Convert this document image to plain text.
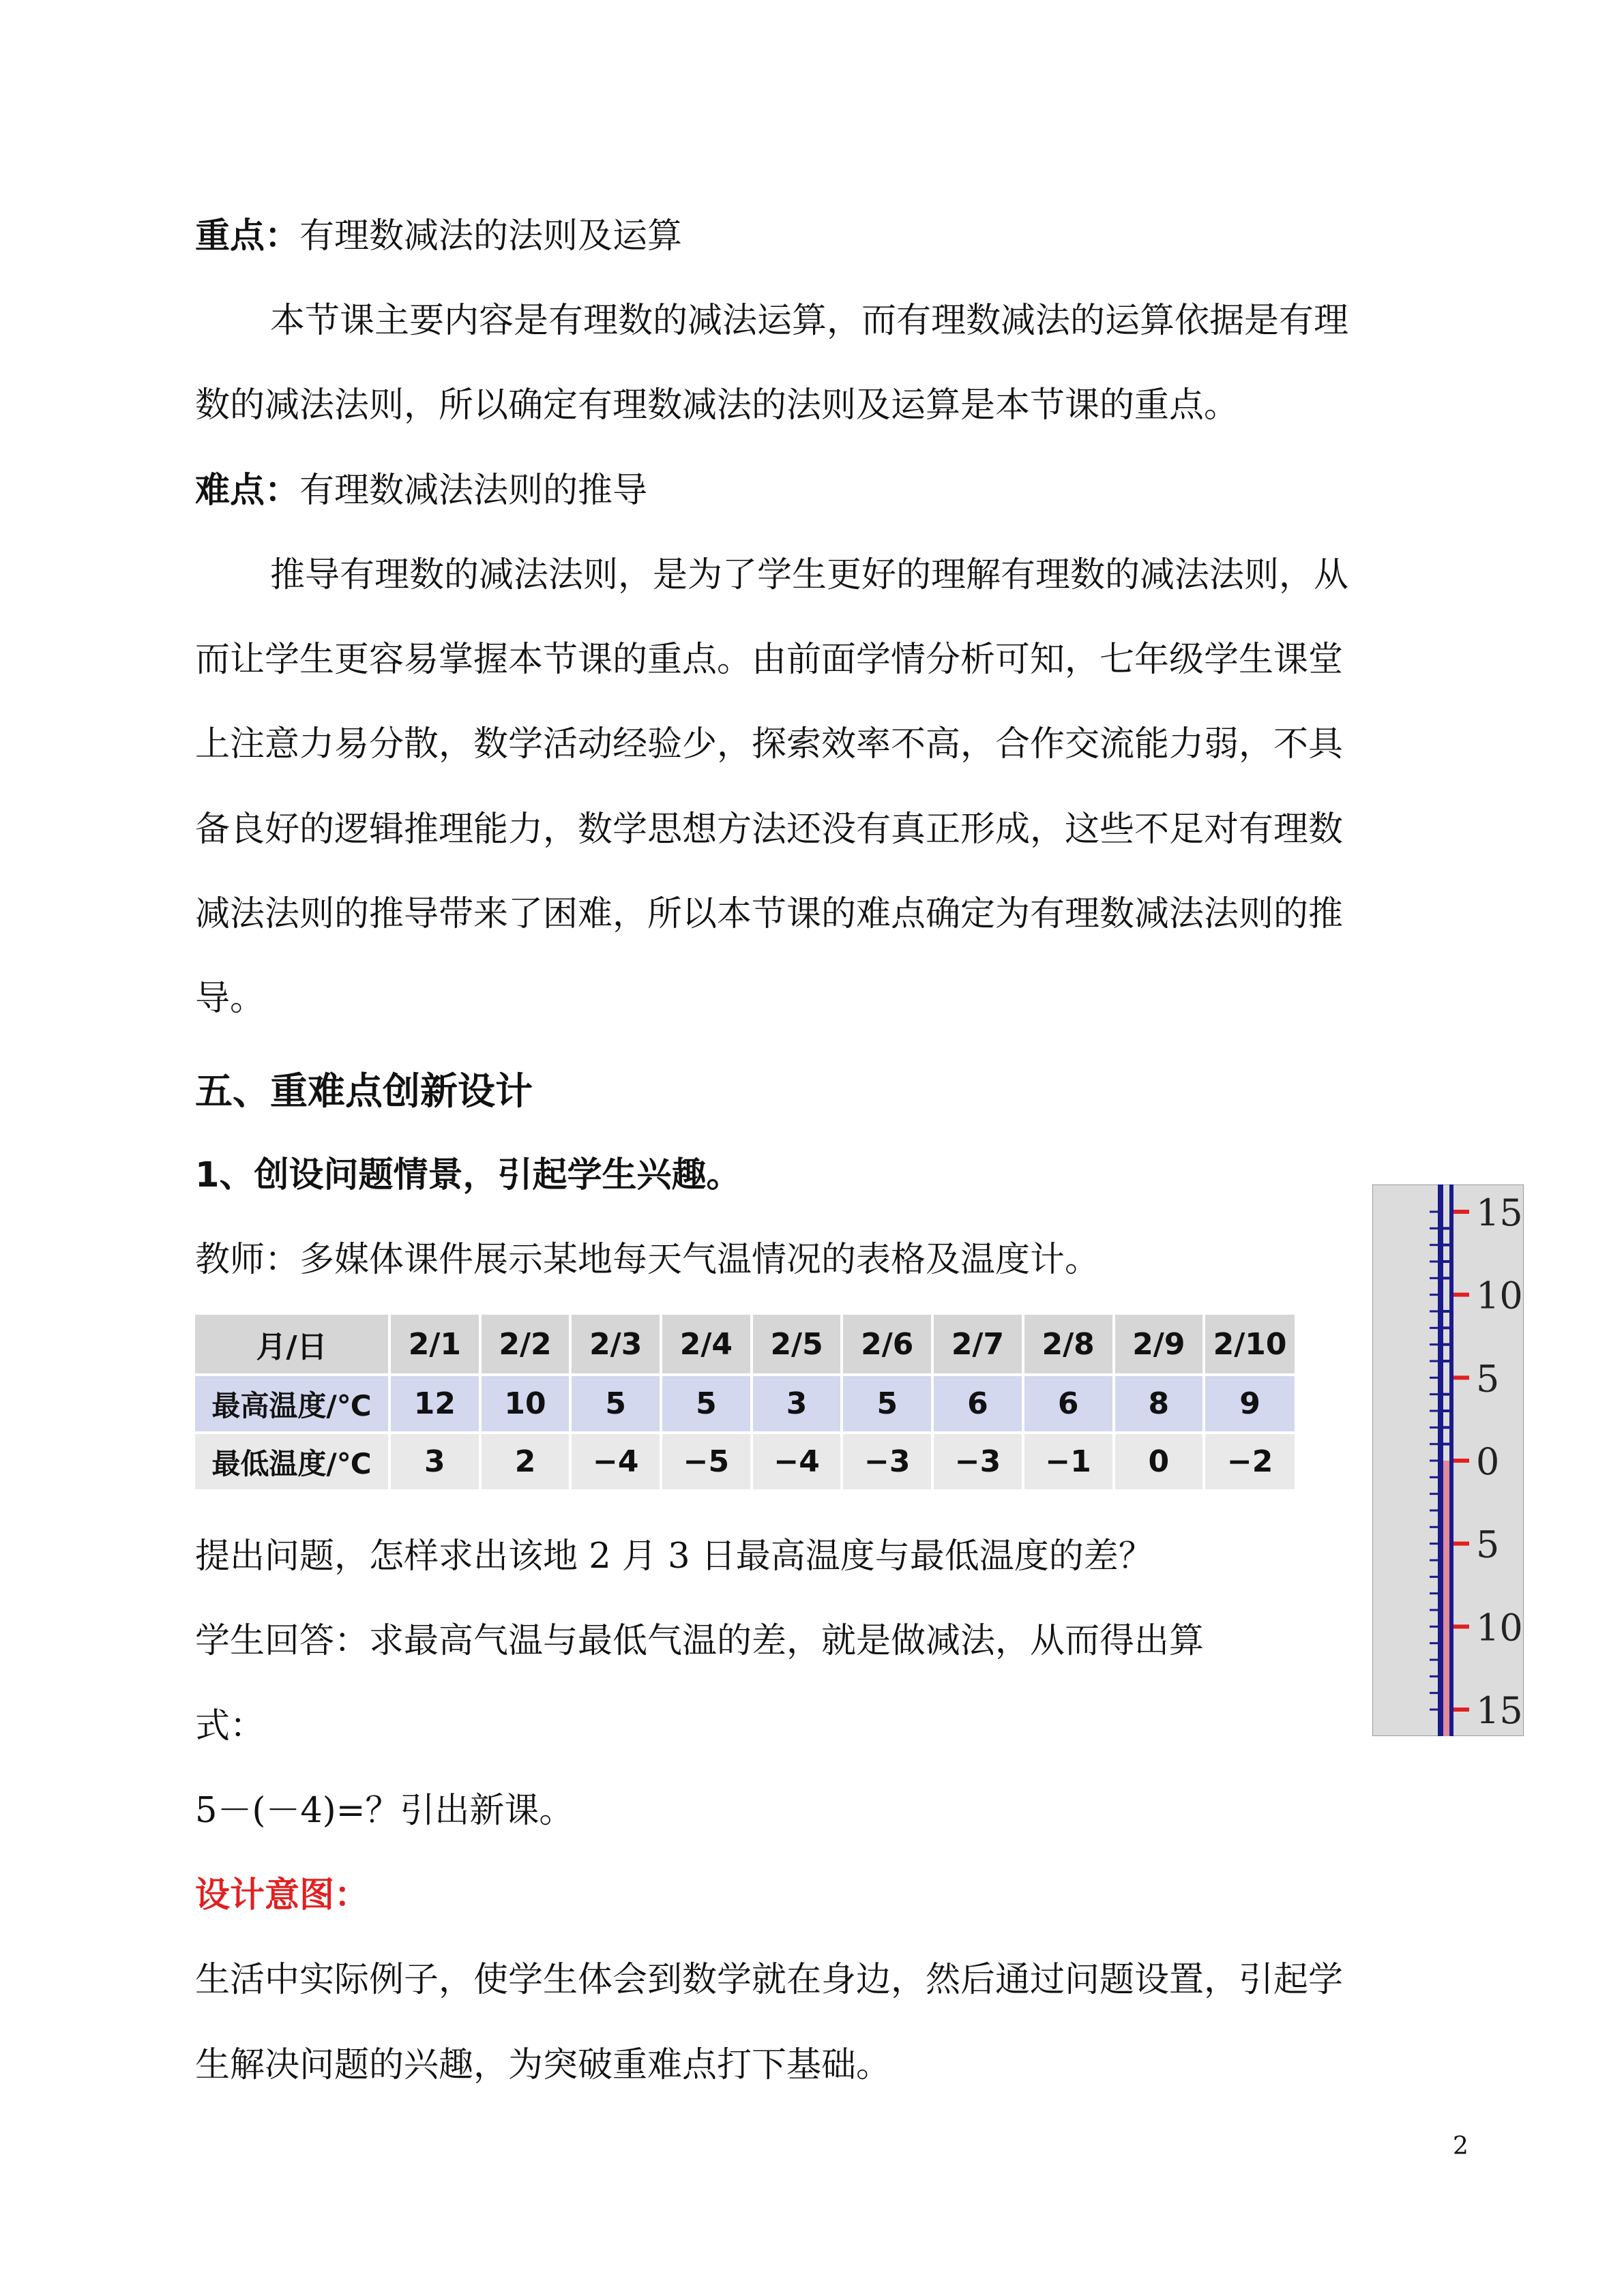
重点：有理数减法的法则及运算

本节课主要内容是有理数的减法运算，而有理数减法的运算依据是有理

数的减法法则，所以确定有理数减法的法则及运算是本节课的重点。

难点：有理数减法法则的推导

推导有理数的减法法则，是为了学生更好的理解有理数的减法法则，从

而让学生更容易掌握本节课的重点。由前面学情分析可知，七年级学生课堂

上注意力易分散，数学活动经验少，探索效率不高，合作交流能力弱，不具

备良好的逻辑推理能力，数学思想方法还没有真正形成，这些不足对有理数

减法法则的推导带来了困难，所以本节课的难点确定为有理数减法法则的推

导。

五、重难点创新设计

1、创设问题情景，引起学生兴趣。

教师：多媒体课件展示某地每天气温情况的表格及温度计。

月/日	2/1	2/2	2/3	2/4	2/5	2/6	2/7	2/8	2/9	2/10
最高温度/℃	12	10	5	5	3	5	6	6	8	9
最低温度/℃	3	2	−4	−5	−4	−3	−3	−1	0	−2

提出问题，怎样求出该地 2 月 3 日最高温度与最低温度的差？

学生回答：求最高气温与最低气温的差，就是做减法，从而得出算

式：

5－(－4)=？引出新课。

设计意图：

生活中实际例子，使学生体会到数学就在身边，然后通过问题设置，引起学

生解决问题的兴趣，为突破重难点打下基础。

15
10
5
0
5
10
15
2
